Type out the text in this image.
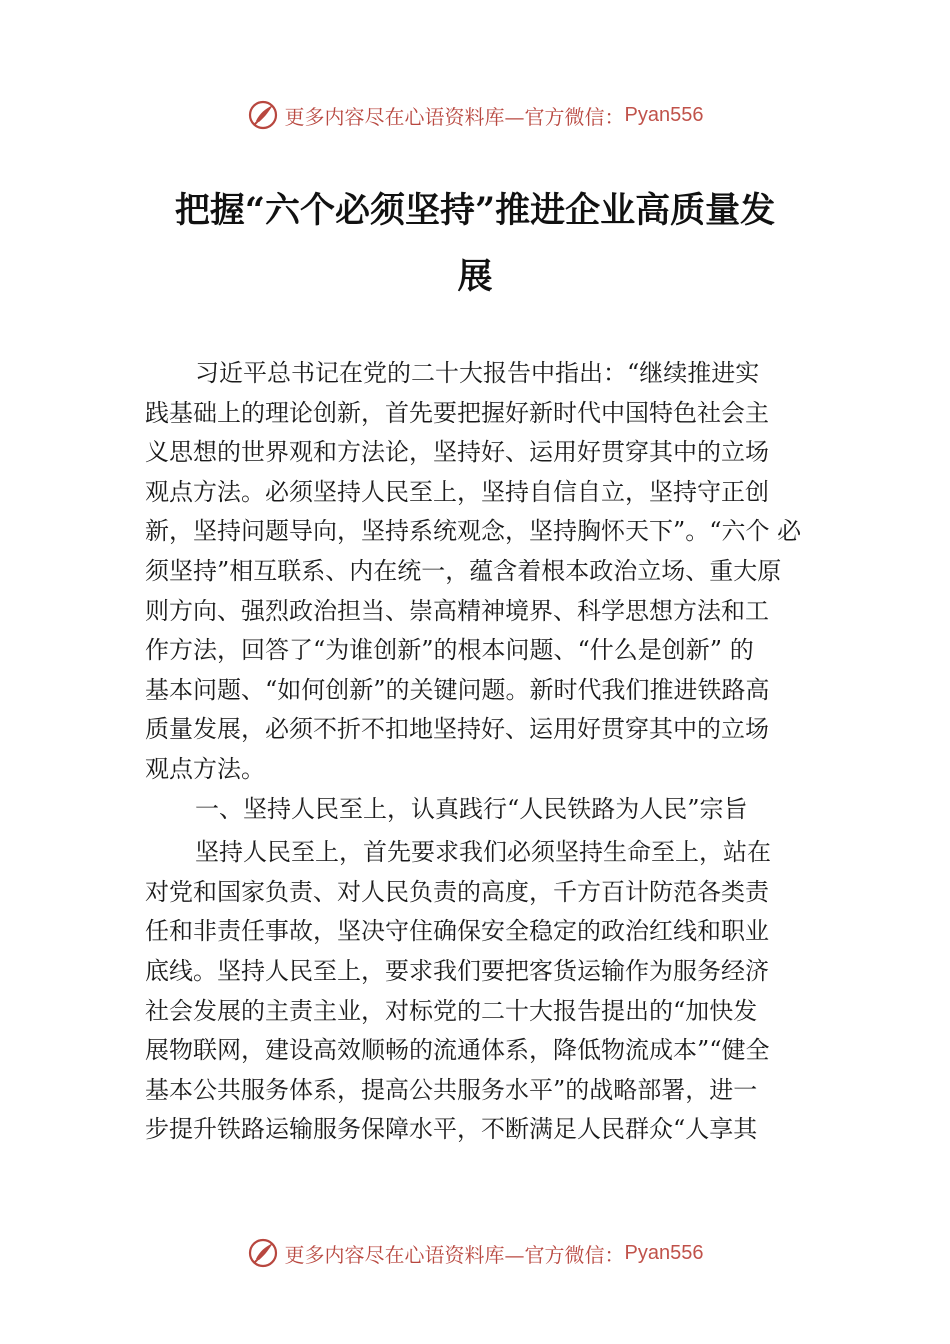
更多内容尽在心语资料库—官方微信： Pyan556
把握“六个必须坚持”推进企业高质量发
展
习近平总书记在党的二十大报告中指出：“继续推进实
践基础上的理论创新，首先要把握好新时代中国特色社会主
义思想的世界观和方法论，坚持好、运用好贯穿其中的立场
观点方法。必须坚持人民至上，坚持自信自立，坚持守正创
新，坚持问题导向，坚持系统观念，坚持胸怀天下”。“六个 必
须坚持”相互联系、内在统一，蕴含着根本政治立场、重大原
则方向、强烈政治担当、崇高精神境界、科学思想方法和工
作方法，回答了“为谁创新”的根本问题、“什么是创新” 的
基本问题、“如何创新”的关键问题。新时代我们推进铁路高
质量发展，必须不折不扣地坚持好、运用好贯穿其中的立场
观点方法。
一、坚持人民至上，认真践行“人民铁路为人民”宗旨
坚持人民至上，首先要求我们必须坚持生命至上，站在
对党和国家负责、对人民负责的高度，千方百计防范各类责
任和非责任事故，坚决守住确保安全稳定的政治红线和职业
底线。坚持人民至上，要求我们要把客货运输作为服务经济
社会发展的主责主业，对标党的二十大报告提出的“加快发
展物联网，建设高效顺畅的流通体系，降低物流成本”“健全
基本公共服务体系，提高公共服务水平”的战略部署，进一
步提升铁路运输服务保障水平，不断满足人民群众“人享其
更多内容尽在心语资料库—官方微信： Pyan556
